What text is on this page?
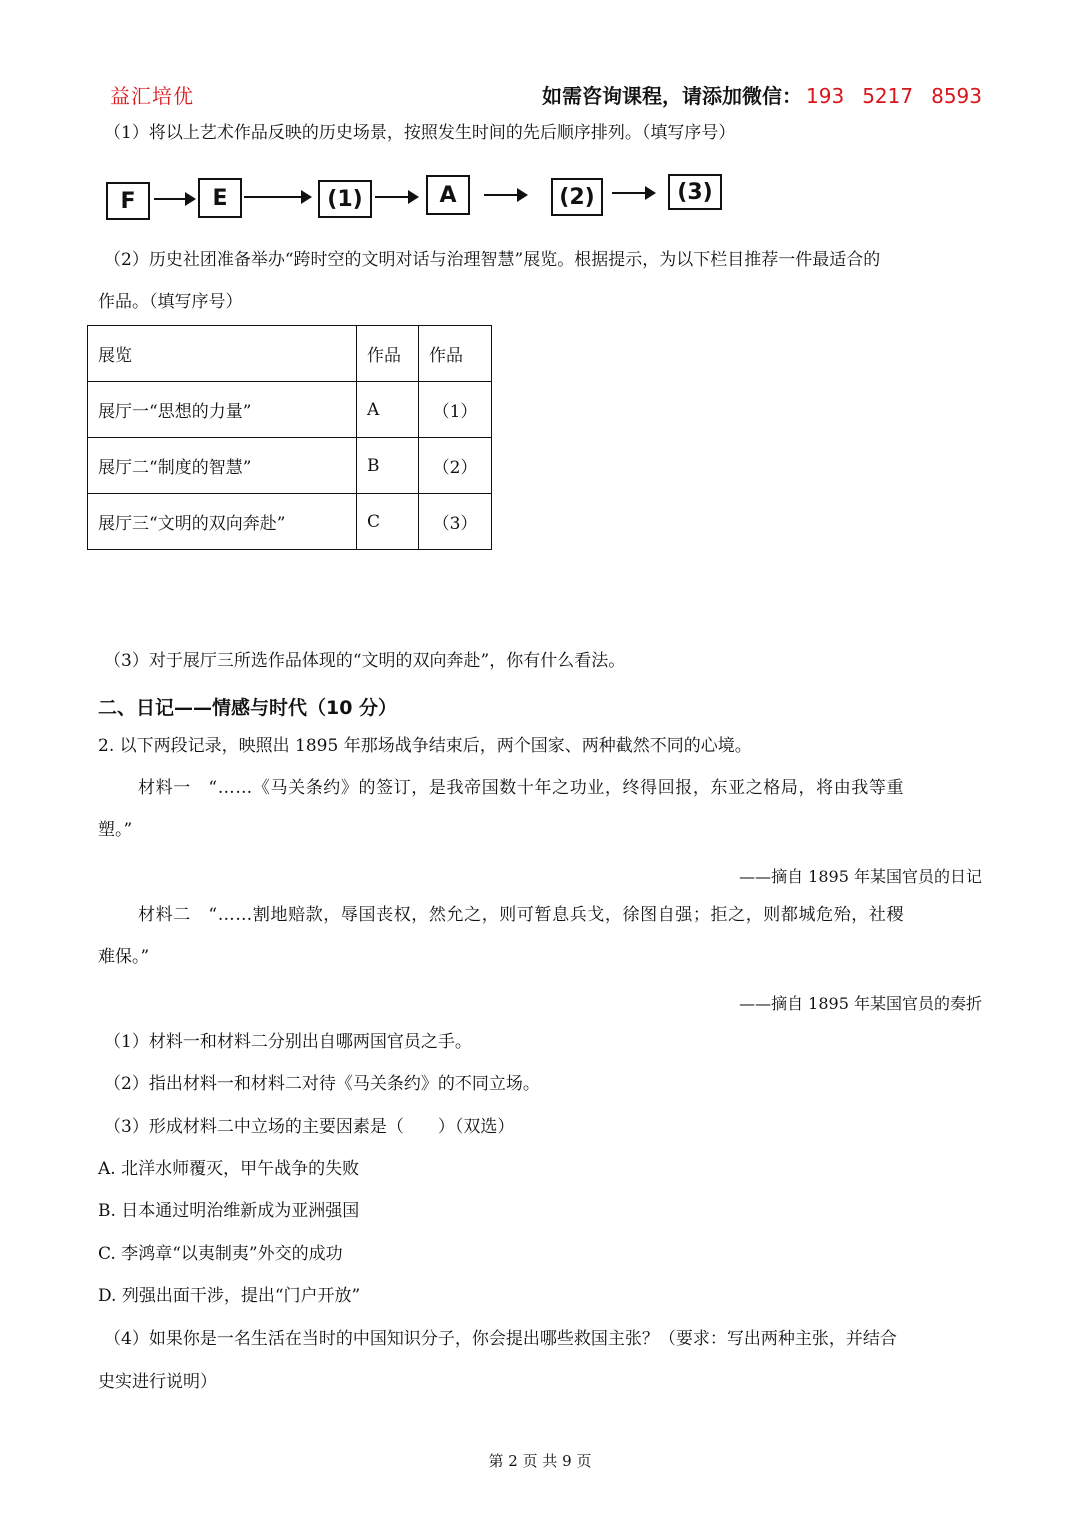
益汇培优	如需咨询课程，请添加微信： 193 5217 8593
（1）将以上艺术作品反映的历史场景，按照发生时间的先后顺序排列。（填写序号）
F	E	(1)	A	(2)	(3)
（2）历史社团准备举办“跨时空的文明对话与治理智慧”展览。根据提示，为以下栏目推荐一件最适合的
作品。（填写序号）
展览	作品	作品
展厅一“思想的力量”	A	（1）
展厅二“制度的智慧”	B	（2）
展厅三“文明的双向奔赴”	C	（3）
（3）对于展厅三所选作品体现的“文明的双向奔赴”，你有什么看法。
二、日记——情感与时代（10 分）
2. 以下两段记录，映照出 1895 年那场战争结束后，两个国家、两种截然不同的心境。
材料一　“……《马关条约》的签订，是我帝国数十年之功业，终得回报，东亚之格局，将由我等重
塑。”
——摘自 1895 年某国官员的日记
材料二　“……割地赔款，辱国丧权，然允之，则可暂息兵戈，徐图自强；拒之，则都城危殆，社稷
难保。”
——摘自 1895 年某国官员的奏折
（1）材料一和材料二分别出自哪两国官员之手。
（2）指出材料一和材料二对待《马关条约》的不同立场。
（3）形成材料二中立场的主要因素是（　　）（双选）
A. 北洋水师覆灭，甲午战争的失败
B. 日本通过明治维新成为亚洲强国
C. 李鸿章“以夷制夷”外交的成功
D. 列强出面干涉，提出“门户开放”
（4）如果你是一名生活在当时的中国知识分子，你会提出哪些救国主张？（要求：写出两种主张，并结合
史实进行说明）
第 2 页 共 9 页
